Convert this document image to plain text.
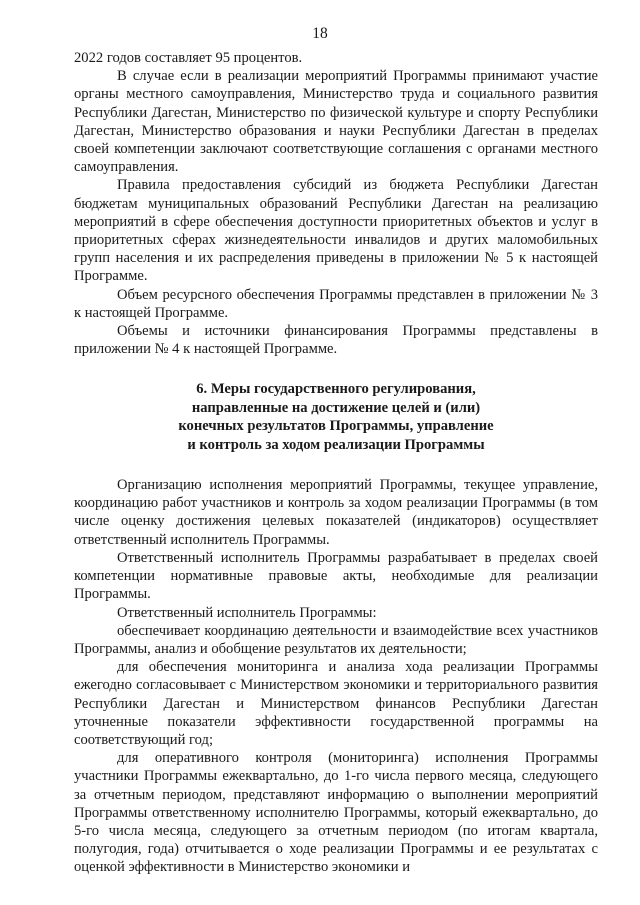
18

2022 годов составляет 95 процентов.

В случае если в реализации мероприятий Программы принимают участие органы местного самоуправления, Министерство труда и социального развития Республики Дагестан, Министерство по физической культуре и спорту Республики Дагестан, Министерство образования и науки Республики Дагестан в пределах своей компетенции заключают соответствующие соглашения с органами местного самоуправления.

Правила предоставления субсидий из бюджета Республики Дагестан бюджетам муниципальных образований Республики Дагестан на реализацию мероприятий в сфере обеспечения доступности приоритетных объектов и услуг в приоритетных сферах жизнедеятельности инвалидов и других маломобильных групп населения и их распределения приведены в приложении № 5 к настоящей Программе.

Объем ресурсного обеспечения Программы представлен в приложении № 3 к настоящей Программе.

Объемы и источники финансирования Программы представлены в приложении № 4 к настоящей Программе.

6. Меры государственного регулирования,
направленные на достижение целей и (или)
конечных результатов Программы, управление
и контроль за ходом реализации Программы

Организацию исполнения мероприятий Программы, текущее управление, координацию работ участников и контроль за ходом реализации Программы (в том числе оценку достижения целевых показателей (индикаторов) осуществляет ответственный исполнитель Программы.

Ответственный исполнитель Программы разрабатывает в пределах своей компетенции нормативные правовые акты, необходимые для реализации Программы.

Ответственный исполнитель Программы:

обеспечивает координацию деятельности и взаимодействие всех участников Программы, анализ и обобщение результатов их деятельности;

для обеспечения мониторинга и анализа хода реализации Программы ежегодно согласовывает с Министерством экономики и территориального развития Республики Дагестан и Министерством финансов Республики Дагестан уточненные показатели эффективности государственной программы на соответствующий год;

для оперативного контроля (мониторинга) исполнения Программы участники Программы ежеквартально, до 1-го числа первого месяца, следующего за отчетным периодом, представляют информацию о выполнении мероприятий Программы ответственному исполнителю Программы, который ежеквартально, до 5-го числа месяца, следующего за отчетным периодом (по итогам квартала, полугодия, года) отчитывается о ходе реализации Программы и ее результатах с оценкой эффективности в Министерство экономики и
